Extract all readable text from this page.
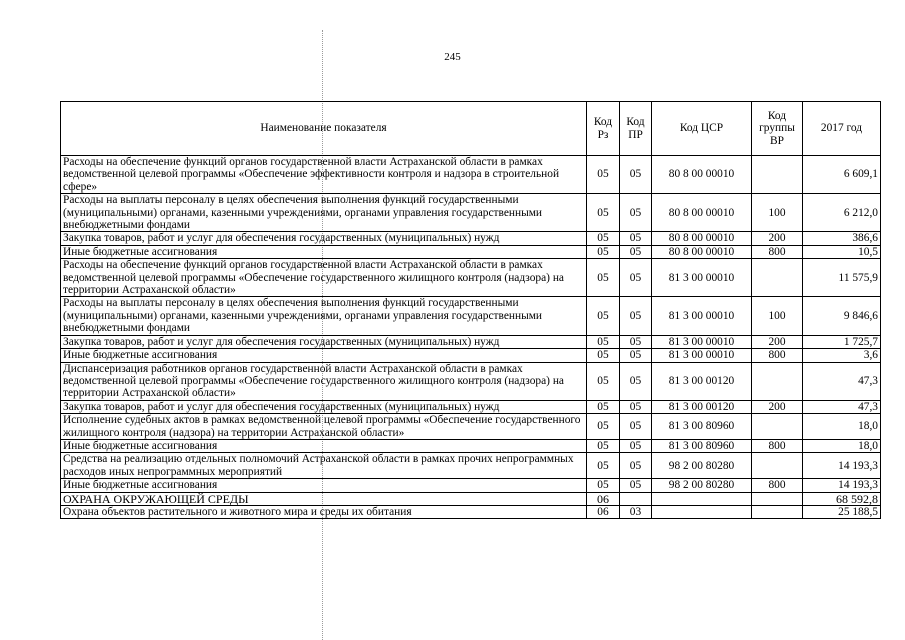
245
Наименование показателя	Код Рз	Код ПР	Код ЦСР	Код группы ВР	2017 год
Расходы на обеспечение функций органов государственной власти Астраханской области в рамках ведомственной целевой программы «Обеспечение эффективности контроля и надзора в строительной сфере»	05	05	80 8 00 00010		6 609,1
Расходы на выплаты персоналу в целях обеспечения выполнения функций государственными (муниципальными) органами, казенными учреждениями, органами управления государственными внебюджетными фондами	05	05	80 8 00 00010	100	6 212,0
Закупка товаров, работ и услуг для обеспечения государственных (муниципальных) нужд	05	05	80 8 00 00010	200	386,6
Иные бюджетные ассигнования	05	05	80 8 00 00010	800	10,5
Расходы на обеспечение функций органов государственной власти Астраханской области в рамках ведомственной целевой программы «Обеспечение государственного жилищного контроля (надзора) на территории Астраханской области»	05	05	81 3 00 00010		11 575,9
Расходы на выплаты персоналу в целях обеспечения выполнения функций государственными (муниципальными) органами, казенными учреждениями, органами управления государственными внебюджетными фондами	05	05	81 3 00 00010	100	9 846,6
Закупка товаров, работ и услуг для обеспечения государственных (муниципальных) нужд	05	05	81 3 00 00010	200	1 725,7
Иные бюджетные ассигнования	05	05	81 3 00 00010	800	3,6
Диспансеризация работников органов государственной власти Астраханской области в рамках ведомственной целевой программы «Обеспечение государственного жилищного контроля (надзора) на территории Астраханской области»	05	05	81 3 00 00120		47,3
Закупка товаров, работ и услуг для обеспечения государственных (муниципальных) нужд	05	05	81 3 00 00120	200	47,3
Исполнение судебных актов в рамках ведомственной целевой программы «Обеспечение государственного жилищного контроля (надзора) на территории Астраханской области»	05	05	81 3 00 80960		18,0
Иные бюджетные ассигнования	05	05	81 3 00 80960	800	18,0
Средства на реализацию отдельных полномочий Астраханской области в рамках прочих непрограммных расходов иных непрограммных мероприятий	05	05	98 2 00 80280		14 193,3
Иные бюджетные ассигнования	05	05	98 2 00 80280	800	14 193,3
ОХРАНА ОКРУЖАЮЩЕЙ СРЕДЫ	06				68 592,8
Охрана объектов растительного и животного мира и среды их обитания	06	03			25 188,5
